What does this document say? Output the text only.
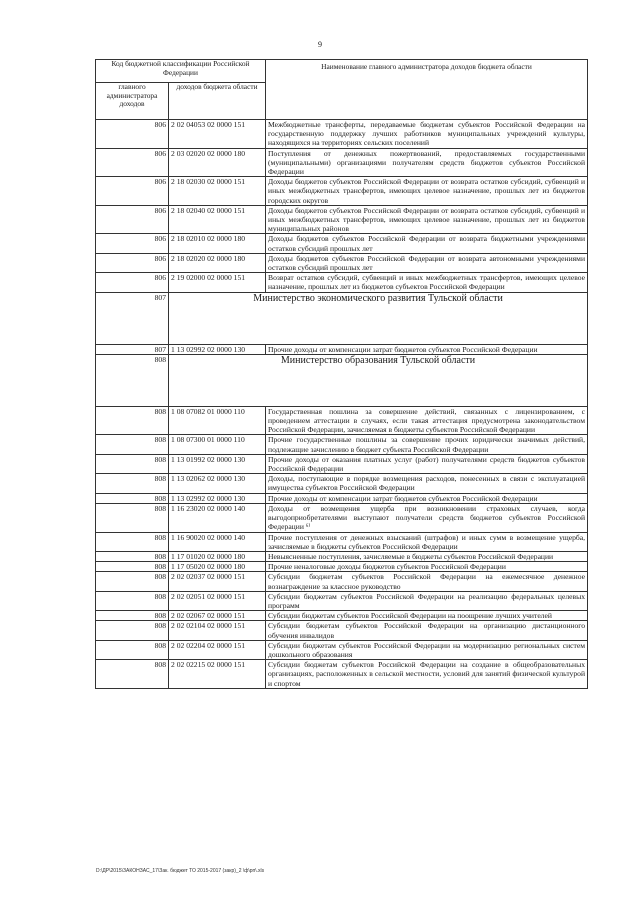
9
Код бюджетной классификации Российской Федерации		Наименование главного администратора доходов бюджета области
главного администратора доходов	доходов бюджета области	
806	2 02 04053 02 0000 151	Межбюджетные трансферты, передаваемые бюджетам субъектов Российской Федерации на государственную поддержку лучших работников муниципальных учреждений культуры, находящихся на территориях сельских поселений
806	2 03 02020 02 0000 180	Поступления от денежных пожертвований, предоставляемых государственными (муниципальными) организациями получателям средств бюджетов субъектов Российской Федерации
806	2 18 02030 02 0000 151	Доходы бюджетов субъектов Российской Федерации от возврата остатков субсидий, субвенций и иных межбюджетных трансфертов, имеющих целевое назначение, прошлых лет из бюджетов городских округов
806	2 18 02040 02 0000 151	Доходы бюджетов субъектов Российской Федерации от возврата остатков субсидий, субвенций и иных межбюджетных трансфертов, имеющих целевое назначение, прошлых лет из бюджетов муниципальных районов
806	2 18 02010 02 0000 180	Доходы бюджетов субъектов Российской Федерации от возврата бюджетными учреждениями остатков субсидий прошлых лет
806	2 18 02020 02 0000 180	Доходы бюджетов субъектов Российской Федерации от возврата автономными учреждениями остатков субсидий прошлых лет
806	2 19 02000 02 0000 151	Возврат остатков субсидий, субвенций и иных межбюджетных трансфертов, имеющих целевое назначение, прошлых лет из бюджетов субъектов Российской Федерации
807	Министерство экономического развития Тульской области	
807	1 13 02992 02 0000 130	Прочие доходы от компенсации затрат бюджетов субъектов Российской Федерации
808	Министерство образования Тульской области	
808	1 08 07082 01 0000 110	Государственная пошлина за совершение действий, связанных с лицензированием, с проведением аттестации в случаях, если такая аттестация предусмотрена законодательством Российской Федерации, зачисляемая в бюджеты субъектов Российской Федерации
808	1 08 07300 01 0000 110	Прочие государственные пошлины за совершение прочих юридически значимых действий, подлежащие зачислению в бюджет субъекта Российской Федерации
808	1 13 01992 02 0000 130	Прочие доходы от оказания платных услуг (работ) получателями средств бюджетов субъектов Российской Федерации
808	1 13 02062 02 0000 130	Доходы, поступающие в порядке возмещения расходов, понесенных в связи с эксплуатацией имущества субъектов Российской Федерации
808	1 13 02992 02 0000 130	Прочие доходы от компенсации затрат бюджетов субъектов Российской Федерации
808	1 16 23020 02 0000 140	Доходы от возмещения ущерба при возникновении страховых случаев, когда выгодоприобретателями выступают получатели средств бюджетов субъектов Российской Федерации ⁶⁾
808	1 16 90020 02 0000 140	Прочие поступления от денежных взысканий (штрафов) и иных сумм в возмещение ущерба, зачисляемые в бюджеты субъектов Российской Федерации
808	1 17 01020 02 0000 180	Невыясненные поступления, зачисляемые в бюджеты субъектов Российской Федерации
808	1 17 05020 02 0000 180	Прочие неналоговые доходы бюджетов субъектов Российской Федерации
808	2 02 02037 02 0000 151	Субсидии бюджетам субъектов Российской Федерации на ежемесячное денежное вознаграждение за классное руководство
808	2 02 02051 02 0000 151	Субсидии бюджетам субъектов Российской Федерации на реализацию федеральных целевых программ
808	2 02 02067 02 0000 151	Субсидии бюджетам субъектов Российской Федерации на поощрение лучших учителей
808	2 02 02104 02 0000 151	Субсидии бюджетам субъектов Российской Федерации на организацию дистанционного обучения инвалидов
808	2 02 02204 02 0000 151	Субсидии бюджетам субъектов Российской Федерации на модернизацию региональных систем дошкольного образования
808	2 02 02215 02 0000 151	Субсидии бюджетам субъектов Российской Федерации на создание в общеобразовательных организациях, расположенных в сельской местности, условий для занятий физической культурой и спортом
D:\ДР\2015\ЗАКОНЗАС_17\Зак. бюджет ТО 2015-2017 (закр)_2 \ф\рп\.xls
